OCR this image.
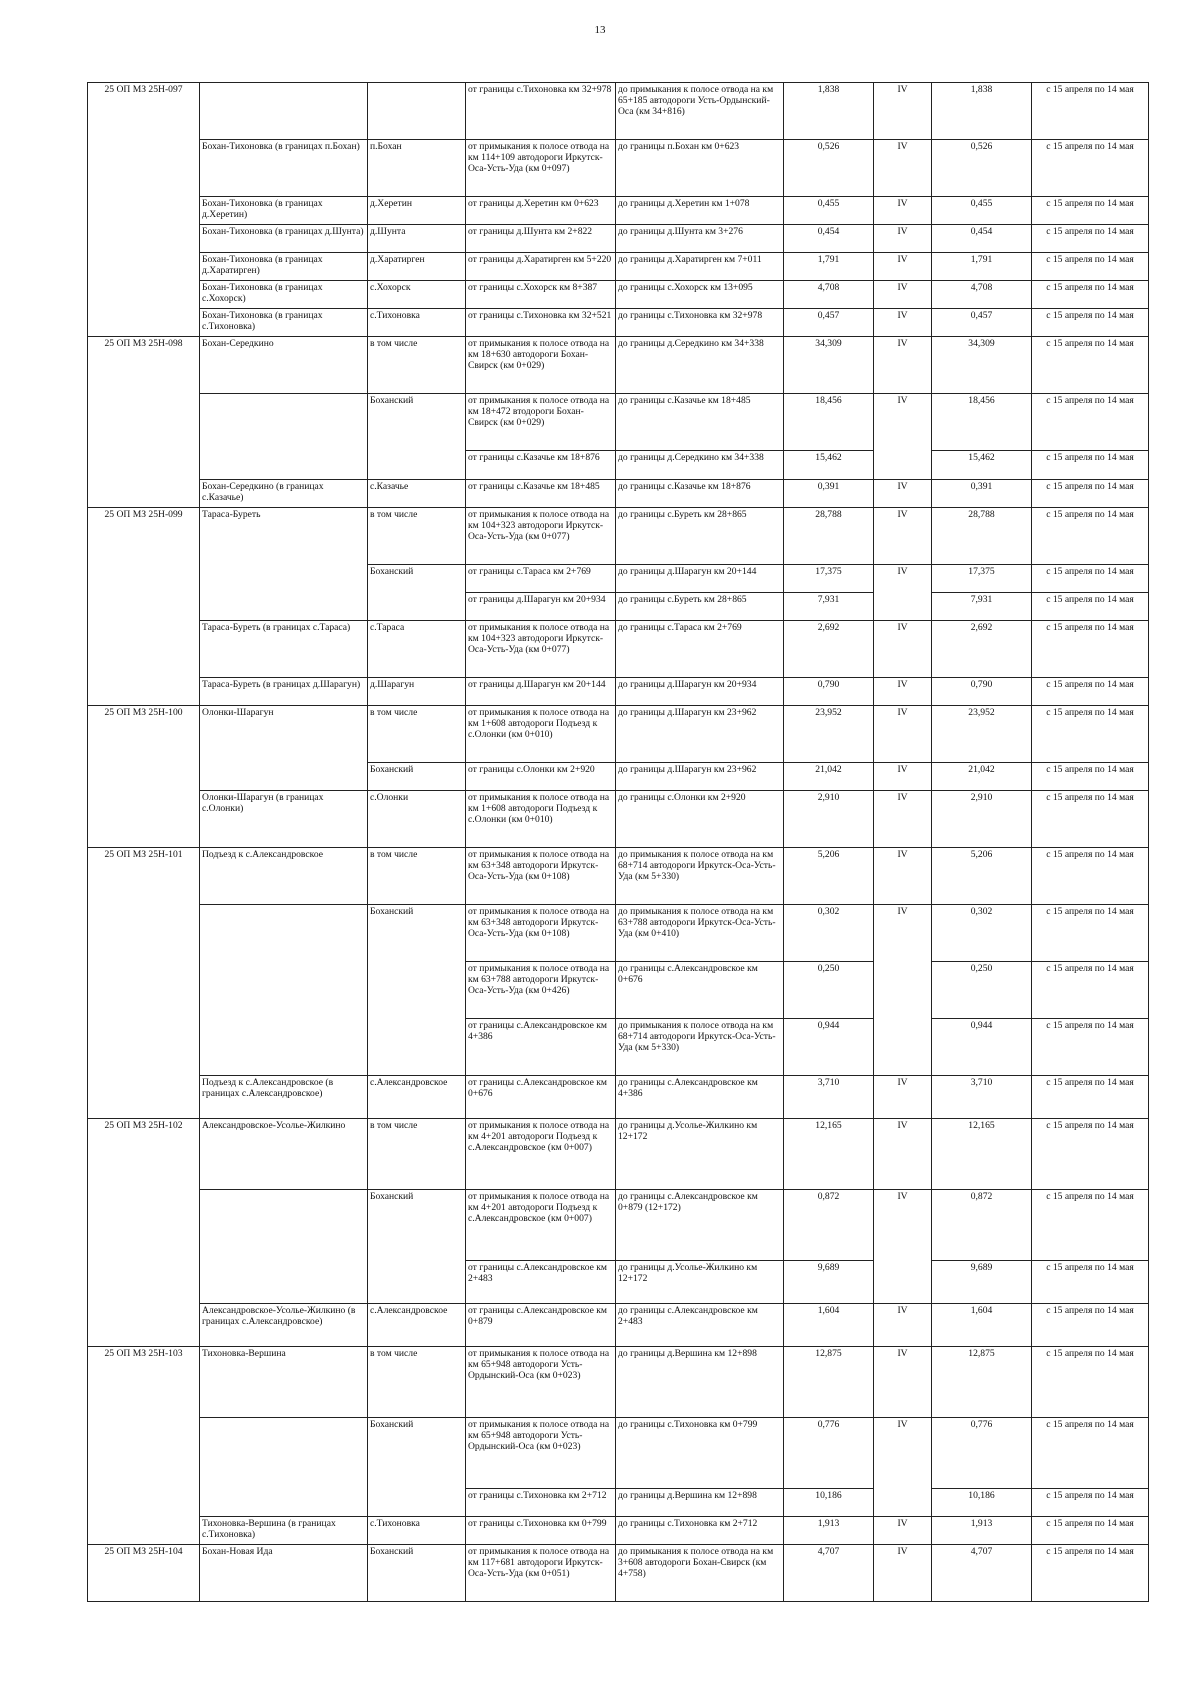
13
25 ОП МЗ 25Н-097			от границы с.Тихоновка км 32+978	до примыкания к полосе отвода на км 65+185 автодороги Усть-Ордынский-Оса (км 34+816)	1,838	IV	1,838	с 15 апреля по 14 мая
	Бохан-Тихоновка (в границах п.Бохан)	п.Бохан	от примыкания к полосе отвода на км 114+109 автодороги Иркутск-Оса-Усть-Уда (км 0+097)	до границы п.Бохан км 0+623	0,526	IV	0,526	с 15 апреля по 14 мая
	Бохан-Тихоновка (в границах д.Херетин)	д.Херетин	от границы д.Херетин км 0+623	до границы д.Херетин км 1+078	0,455	IV	0,455	с 15 апреля по 14 мая
	Бохан-Тихоновка (в границах д.Шунта)	д.Шунта	от границы д.Шунта км 2+822	до границы д.Шунта км 3+276	0,454	IV	0,454	с 15 апреля по 14 мая
	Бохан-Тихоновка (в границах д.Харатирген)	д.Харатирген	от границы д.Харатирген км 5+220	до границы д.Харатирген км 7+011	1,791	IV	1,791	с 15 апреля по 14 мая
	Бохан-Тихоновка (в границах с.Хохорск)	с.Хохорск	от границы с.Хохорск км 8+387	до границы с.Хохорск км 13+095	4,708	IV	4,708	с 15 апреля по 14 мая
	Бохан-Тихоновка (в границах с.Тихоновка)	с.Тихоновка	от границы с.Тихоновка км 32+521	до границы с.Тихоновка км 32+978	0,457	IV	0,457	с 15 апреля по 14 мая
25 ОП МЗ 25Н-098	Бохан-Середкино	в том числе	от примыкания к полосе отвода на км 18+630 автодороги Бохан-Свирск (км 0+029)	до границы д.Середкино км 34+338	34,309	IV	34,309	с 15 апреля по 14 мая
		Боханский	от примыкания к полосе отвода на км 18+472 втодороги Бохан-Свирск (км 0+029)	до границы с.Казачье км 18+485	18,456	IV	18,456	с 15 апреля по 14 мая
			от границы с.Казачье км 18+876	до границы д.Середкино км 34+338	15,462		15,462	с 15 апреля по 14 мая
	Бохан-Середкино (в границах с.Казачье)	с.Казачье	от границы с.Казачье км 18+485	до границы с.Казачье км 18+876	0,391	IV	0,391	с 15 апреля по 14 мая
25 ОП МЗ 25Н-099	Тараса-Буреть	в том числе	от примыкания к полосе отвода на км 104+323 автодороги Иркутск-Оса-Усть-Уда (км 0+077)	до границы с.Буреть км 28+865	28,788	IV	28,788	с 15 апреля по 14 мая
		Боханский	от границы с.Тараса км 2+769	до границы д.Шарагун км 20+144	17,375	IV	17,375	с 15 апреля по 14 мая
			от границы д.Шарагун км 20+934	до границы с.Буреть км 28+865	7,931		7,931	с 15 апреля по 14 мая
	Тараса-Буреть (в границах с.Тараса)	с.Тараса	от примыкания к полосе отвода на км 104+323 автодороги Иркутск-Оса-Усть-Уда (км 0+077)	до границы с.Тараса км 2+769	2,692	IV	2,692	с 15 апреля по 14 мая
	Тараса-Буреть (в границах д.Шарагун)	д.Шарагун	от границы д.Шарагун км 20+144	до границы д.Шарагун км 20+934	0,790	IV	0,790	с 15 апреля по 14 мая
25 ОП МЗ 25Н-100	Олонки-Шарагун	в том числе	от примыкания к полосе отвода на км 1+608 автодороги Подъезд к с.Олонки (км 0+010)	до границы д.Шарагун км 23+962	23,952	IV	23,952	с 15 апреля по 14 мая
		Боханский	от границы с.Олонки км 2+920	до границы д.Шарагун км 23+962	21,042	IV	21,042	с 15 апреля по 14 мая
	Олонки-Шарагун (в границах с.Олонки)	с.Олонки	от примыкания к полосе отвода на км 1+608 автодороги Подъезд к с.Олонки (км 0+010)	до границы с.Олонки км 2+920	2,910	IV	2,910	с 15 апреля по 14 мая
25 ОП МЗ 25Н-101	Подъезд к с.Александровское	в том числе	от примыкания к полосе отвода на км 63+348 автодороги Иркутск-Оса-Усть-Уда (км 0+108)	до примыкания к полосе отвода на км 68+714 автодороги Иркутск-Оса-Усть-Уда (км 5+330)	5,206	IV	5,206	с 15 апреля по 14 мая
		Боханский	от примыкания к полосе отвода на км 63+348 автодороги Иркутск-Оса-Усть-Уда (км 0+108)	до примыкания к полосе отвода на км 63+788 автодороги Иркутск-Оса-Усть-Уда (км 0+410)	0,302	IV	0,302	с 15 апреля по 14 мая
			от примыкания к полосе отвода на км 63+788 автодороги Иркутск-Оса-Усть-Уда (км 0+426)	до границы с.Александровское км 0+676	0,250		0,250	с 15 апреля по 14 мая
			от границы с.Александровское км 4+386	до примыкания к полосе отвода на км 68+714 автодороги Иркутск-Оса-Усть-Уда (км 5+330)	0,944		0,944	с 15 апреля по 14 мая
	Подъезд к с.Александровское (в границах с.Александровское)	с.Александровское	от границы с.Александровское км 0+676	до границы с.Александровское км 4+386	3,710	IV	3,710	с 15 апреля по 14 мая
25 ОП МЗ 25Н-102	Александровское-Усолье-Жилкино	в том числе	от примыкания к полосе отвода на км 4+201 автодороги Подъезд к с.Александровское (км 0+007)	до границы д.Усолье-Жилкино км 12+172	12,165	IV	12,165	с 15 апреля по 14 мая
		Боханский	от примыкания к полосе отвода на км 4+201 автодороги Подъезд к с.Александровское (км 0+007)	до границы с.Александровское км 0+879 (12+172)	0,872	IV	0,872	с 15 апреля по 14 мая
			от границы с.Александровское км 2+483	до границы д.Усолье-Жилкино км 12+172	9,689		9,689	с 15 апреля по 14 мая
	Александровское-Усолье-Жилкино (в границах с.Александровское)	с.Александровское	от границы с.Александровское км 0+879	до границы с.Александровское км 2+483	1,604	IV	1,604	с 15 апреля по 14 мая
25 ОП МЗ 25Н-103	Тихоновка-Вершина	в том числе	от примыкания к полосе отвода на км 65+948 автодороги Усть-Ордынский-Оса (км 0+023)	до границы д.Вершина км 12+898	12,875	IV	12,875	с 15 апреля по 14 мая
		Боханский	от примыкания к полосе отвода на км 65+948 автодороги Усть-Ордынский-Оса (км 0+023)	до границы с.Тихоновка км 0+799	0,776	IV	0,776	с 15 апреля по 14 мая
			от границы с.Тихоновка км 2+712	до границы д.Вершина км 12+898	10,186		10,186	с 15 апреля по 14 мая
	Тихоновка-Вершина (в границах с.Тихоновка)	с.Тихоновка	от границы с.Тихоновка км 0+799	до границы с.Тихоновка км 2+712	1,913	IV	1,913	с 15 апреля по 14 мая
25 ОП МЗ 25Н-104	Бохан-Новая Ида	Боханский	от примыкания к полосе отвода на км 117+681 автодороги Иркутск-Оса-Усть-Уда (км 0+051)	до примыкания к полосе отвода на км 3+608 автодороги Бохан-Свирск (км 4+758)	4,707	IV	4,707	с 15 апреля по 14 мая
